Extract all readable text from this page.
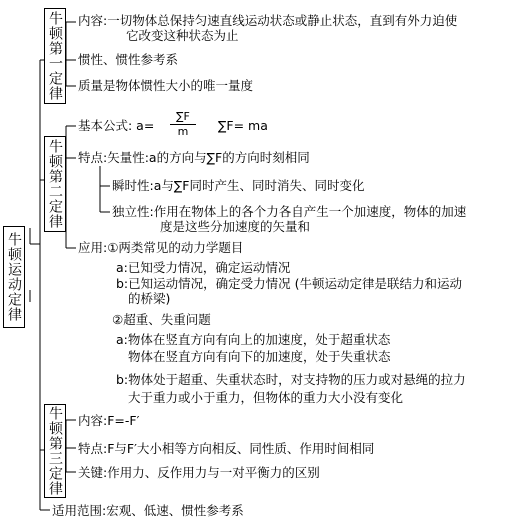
牛顿运动定律
牛顿第一定律 内容:一切物体总保持匀速直线运动状态或静止状态，直到有外力迫使
它改变这种状态为止
惯性、惯性参考系
质量是物体惯性大小的唯一量度
牛顿第二定律
基本公式: a=
∑F
m	∑F= ma
特点:矢量性:a的方向与∑F的方向时刻相同
瞬时性:a与∑F同时产生、同时消失、同时变化
独立性:作用在物体上的各个力各自产生一个加速度，物体的加速
度是这些分加速度的矢量和
应用:①两类常见的动力学题目
a:已知受力情况，确定运动情况
b:已知运动情况，确定受力情况 (牛顿运动定律是联结力和运动
的桥梁)
②超重、失重问题
a:物体在竖直方向有向上的加速度，处于超重状态
物体在竖直方向有向下的加速度，处于失重状态
b:物体处于超重、失重状态时，对支持物的压力或对悬绳的拉力
大于重力或小于重力，但物体的重力大小没有变化
牛顿第三定律 内容:F=-F′
特点:F与F′大小相等方向相反、同性质、作用时间相同
关键:作用力、反作用力与一对平衡力的区别
适用范围:宏观、低速、惯性参考系
